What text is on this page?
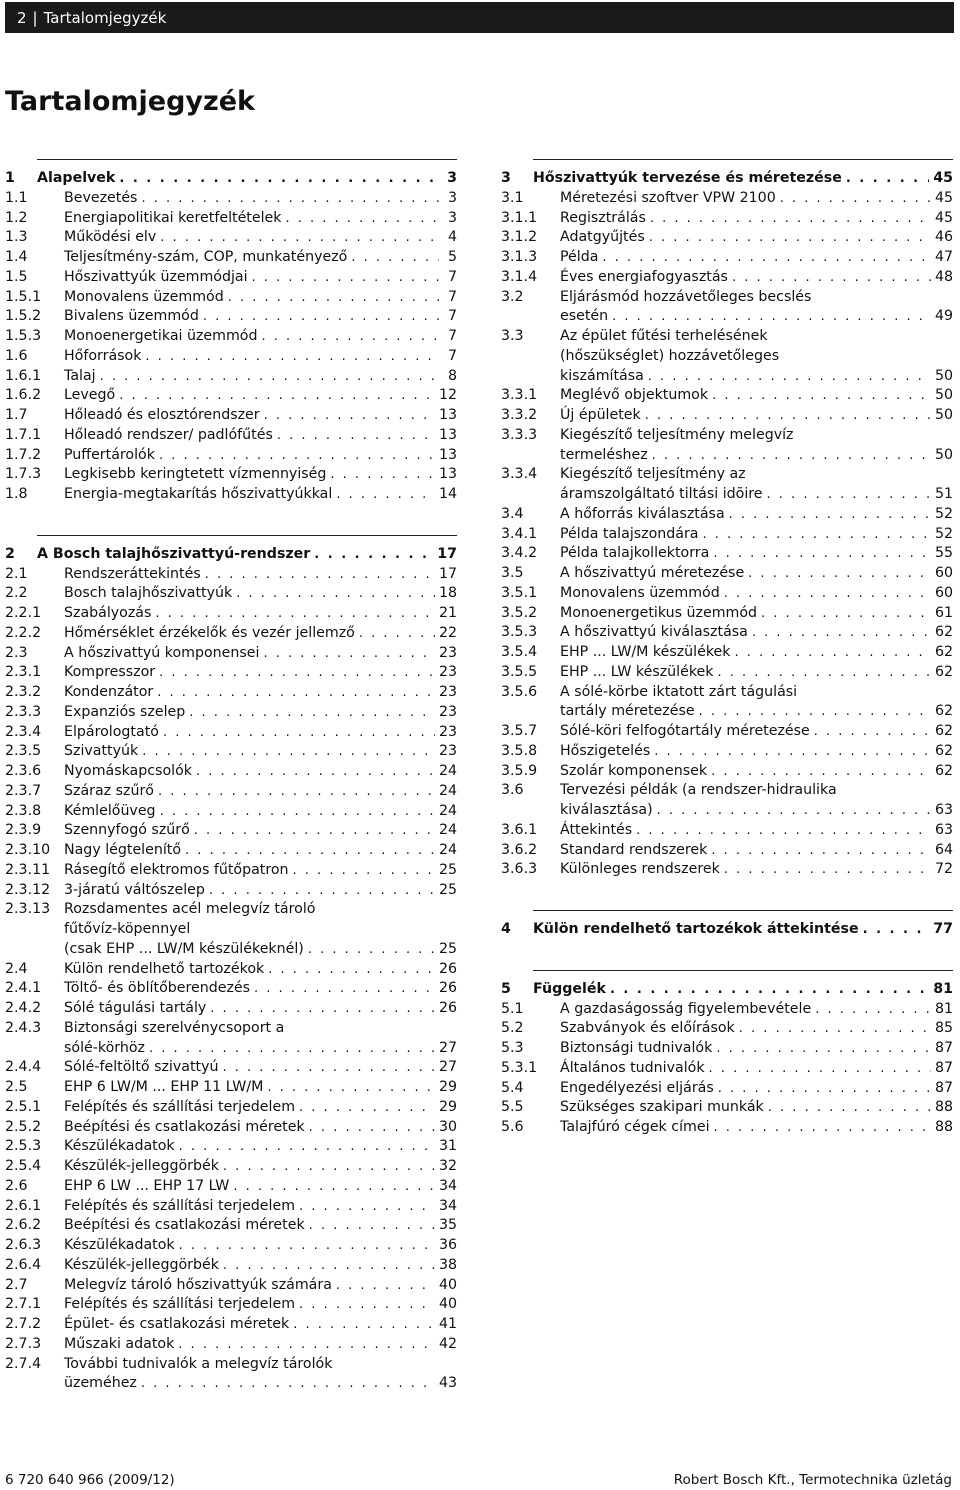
2 | Tartalomjegyzék
Tartalomjegyzék
1 Alapelvek . . .	3
1.1	Bevezetés . . .	3
1.2	Energiapolitikai keretfeltételek . . .	3
1.3	Működési elv . . .	4
1.4	Teljesítmény-szám, COP, munkatényező . . .	5
1.5	Hőszivattyúk üzemmódjai . . .	7
1.5.1 Monovalens üzemmód . . .	7
1.5.2 Bivalens üzemmód . . .	7
1.5.3 Monoenergetikai üzemmód . . .	7
1.6	Hőforrások . . .	7
1.6.1 Talaj . . .	8
1.6.2 Levegő . . .	12
1.7	Hőleadó és elosztórendszer . . .	13
1.7.1 Hőleadó rendszer/ padlófűtés . . .	13
1.7.2 Puffertárolók . . .	13
1.7.3 Legkisebb keringtetett vízmennyiség . . .	13
1.8	Energia-megtakarítás hőszivattyúkkal . . .	14
2 A Bosch talajhőszivattyú-rendszer . . .	17
2.1	Rendszeráttekintés . . .	17
2.2	Bosch talajhőszivattyúk . . .	18
2.2.1 Szabályozás . . .	21
2.2.2 Hőmérséklet érzékelők és vezér jellemző . . .	22
2.3	A hőszivattyú komponensei . . .	23
2.3.1 Kompresszor . . .	23
2.3.2 Kondenzátor . . .	23
2.3.3 Expanziós szelep . . .	23
2.3.4 Elpárologtató . . .	23
2.3.5 Szivattyúk . . .	23
2.3.6 Nyomáskapcsolók . . .	24
2.3.7 Száraz szűrő . . .	24
2.3.8 Kémlelőüveg . . .	24
2.3.9 Szennyfogó szűrő . . .	24
2.3.10 Nagy légtelenítő . . .	24
2.3.11 Rásegítő elektromos fűtőpatron . . .	25
2.3.12 3-járatú váltószelep . . .	25
2.3.13 Rozsdamentes acél melegvíz tároló
fűtővíz-köpennyel
(csak EHP ... LW/M készülékeknél) . . .	25
2.4	Külön rendelhető tartozékok . . .	26
2.4.1 Töltő- és öblítőberendezés . . .	26
2.4.2 Sólé tágulási tartály . . .	26
2.4.3 Biztonsági szerelvénycsoport a
sólé-körhöz . . .	27
2.4.4 Sólé-feltöltő szivattyú . . .	27
2.5	EHP 6 LW/M ... EHP 11 LW/M . . .	29
2.5.1 Felépítés és szállítási terjedelem . . .	29
2.5.2 Beépítési és csatlakozási méretek . . .	30
2.5.3 Készülékadatok . . .	31
2.5.4 Készülék-jelleggörbék . . .	32
2.6	EHP 6 LW ... EHP 17 LW . . .	34
2.6.1 Felépítés és szállítási terjedelem . . .	34
2.6.2 Beépítési és csatlakozási méretek . . .	35
2.6.3 Készülékadatok . . .	36
2.6.4 Készülék-jelleggörbék . . .	38
2.7	Melegvíz tároló hőszivattyúk számára . . .	40
2.7.1 Felépítés és szállítási terjedelem . . .	40
2.7.2 Épület- és csatlakozási méretek . . .	41
2.7.3 Műszaki adatok . . .	42
2.7.4 További tudnivalók a melegvíz tárolók
üzeméhez . . .	43
3 Hőszivattyúk tervezése és méretezése . . .	45
3.1	Méretezési szoftver VPW 2100 . . .	45
3.1.1 Regisztrálás . . .	45
3.1.2 Adatgyűjtés . . .	46
3.1.3 Példa . . .	47
3.1.4 Éves energiafogyasztás . . .	48
3.2	Eljárásmód hozzávetőleges becslés
esetén . . .	49
3.3	Az épület fűtési terhelésének
(hőszükséglet) hozzávetőleges
kiszámítása . . .	50
3.3.1 Meglévő objektumok . . .	50
3.3.2 Új épületek . . .	50
3.3.3 Kiegészítő teljesítmény melegvíz
termeléshez . . .	50
3.3.4 Kiegészítő teljesítmény az
áramszolgáltató tiltási idõire . . .	51
3.4	A hőforrás kiválasztása . . .	52
3.4.1 Példa talajszondára . . .	52
3.4.2 Példa talajkollektorra . . .	55
3.5	A hőszivattyú méretezése . . .	60
3.5.1 Monovalens üzemmód . . .	60
3.5.2 Monoenergetikus üzemmód . . .	61
3.5.3 A hőszivattyú kiválasztása . . .	62
3.5.4 EHP ... LW/M készülékek . . .	62
3.5.5 EHP ... LW készülékek . . .	62
3.5.6 A sólé-körbe iktatott zárt tágulási
tartály méretezése . . .	62
3.5.7 Sólé-köri felfogótartály méretezése . . .	62
3.5.8 Hőszigetelés . . .	62
3.5.9 Szolár komponensek . . .	62
3.6	Tervezési példák (a rendszer-hidraulika
kiválasztása) . . .	63
3.6.1 Áttekintés . . .	63
3.6.2 Standard rendszerek . . .	64
3.6.3 Különleges rendszerek . . .	72
4 Külön rendelhető tartozékok áttekintése . . .	77
5 Függelék . . .	81
5.1	A gazdaságosság figyelembevétele . . .	81
5.2	Szabványok és előírások . . .	85
5.3	Biztonsági tudnivalók . . .	87
5.3.1 Általános tudnivalók . . .	87
5.4	Engedélyezési eljárás . . .	87
5.5	Szükséges szakipari munkák . . .	88
5.6	Talajfúró cégek címei . . .	88
6 720 640 966 (2009/12)	Robert Bosch Kft., Termotechnika üzletág
